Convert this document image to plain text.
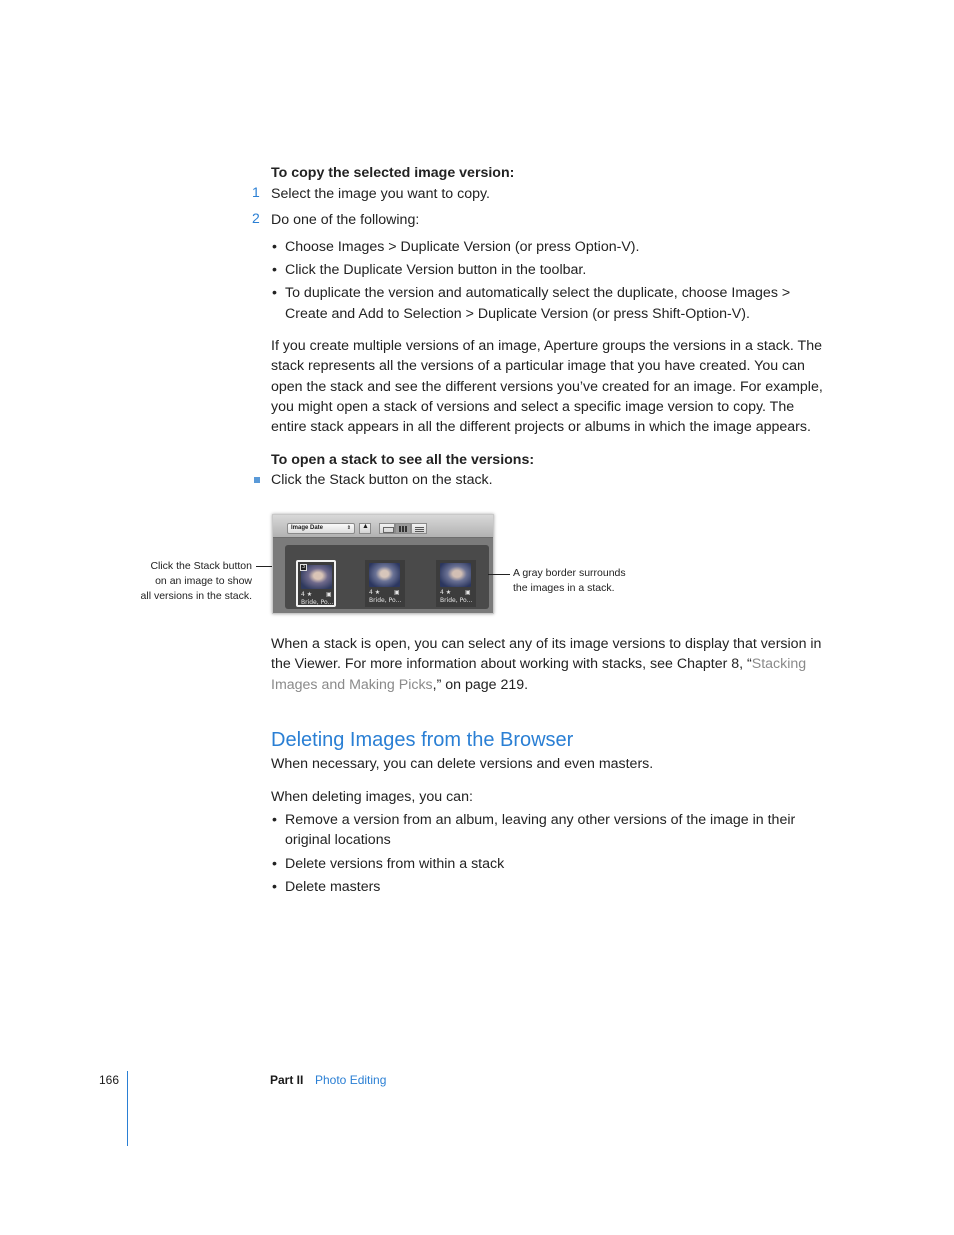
To copy the selected image version:
1 Select the image you want to copy.
2 Do one of the following:
• Choose Images > Duplicate Version (or press Option-V).
• Click the Duplicate Version button in the toolbar.
• To duplicate the version and automatically select the duplicate, choose Images >
Create and Add to Selection > Duplicate Version (or press Shift-Option-V).
If you create multiple versions of an image, Aperture groups the versions in a stack. The
stack represents all the versions of a particular image that you have created. You can
open the stack and see the different versions you’ve created for an image. For example,
you might open a stack of versions and select a specific image version to copy. The
entire stack appears in all the different projects or albums in which the image appears.
To open a stack to see all the versions:
Click the Stack button on the stack.
Click the Stack button
on an image to show
all versions in the stack.
Image Date	⇕ ▲
3
4 ★ ▣
Bride, Po...
4 ★ ▣
Bride, Po...
4 ★ ▣
Bride, Po...
A gray border surrounds
the images in a stack.
When a stack is open, you can select any of its image versions to display that version in
the Viewer. For more information about working with stacks, see Chapter 8, “Stacking
Images and Making Picks,” on page 219.
Deleting Images from the Browser
When necessary, you can delete versions and even masters.
When deleting images, you can:
• Remove a version from an album, leaving any other versions of the image in their
original locations
• Delete versions from within a stack
• Delete masters
166	Part II Photo Editing
